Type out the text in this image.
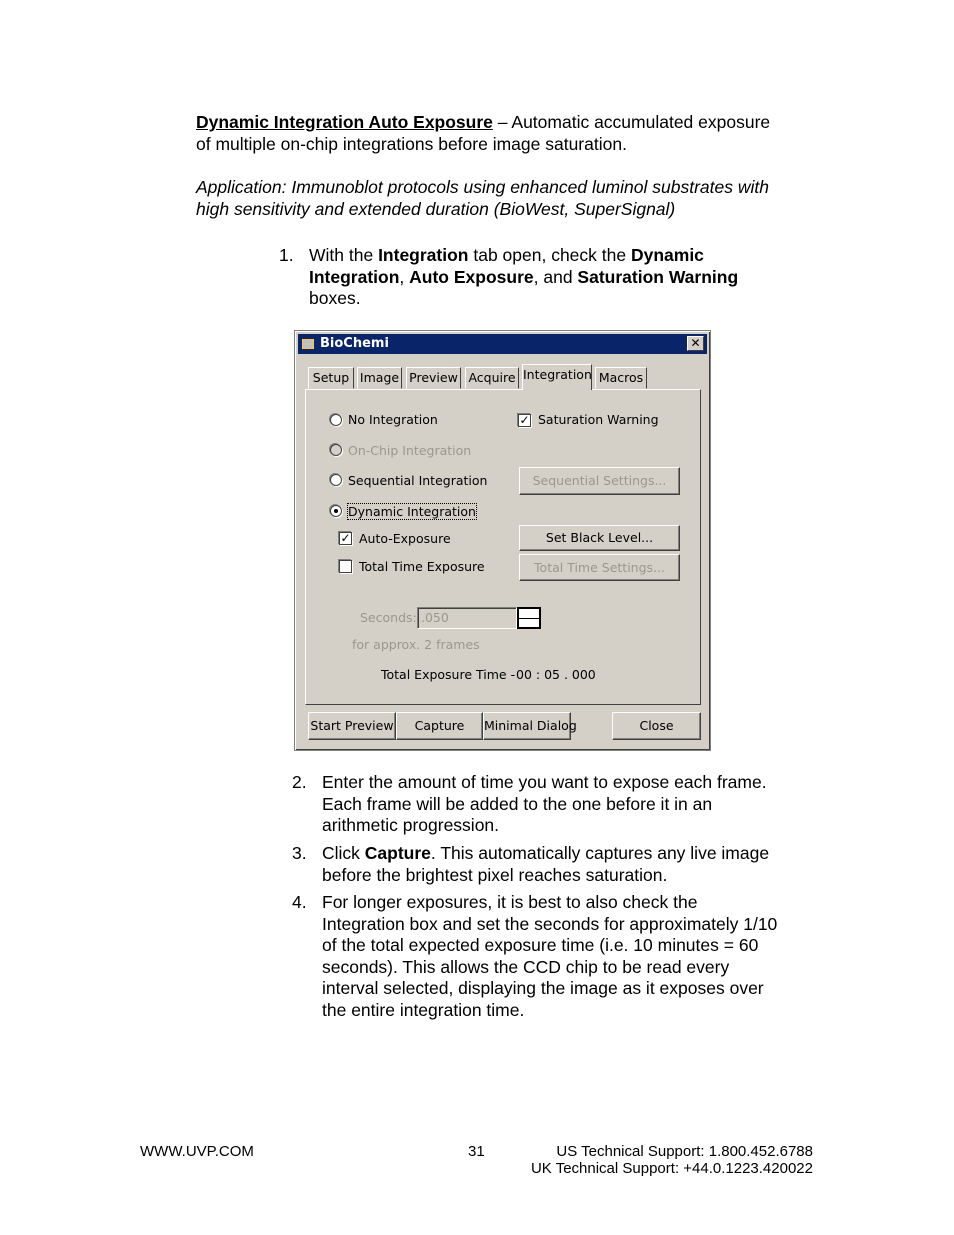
Dynamic Integration Auto Exposure – Automatic accumulated exposure
of multiple on-chip integrations before image saturation.
Application: Immunoblot protocols using enhanced luminol substrates with
high sensitivity and extended duration (BioWest, SuperSignal)
1. With the Integration tab open, check the Dynamic
Integration, Auto Exposure, and Saturation Warning
boxes.
BioChemi	✕
Setup Image Preview Acquire Integration Macros
No Integration
On-Chip Integration
Sequential Integration
Dynamic Integration
✓ Saturation Warning
✓ Auto-Exposure
Total Time Exposure
Sequential Settings...
Set Black Level...
Total Time Settings...
Seconds: .050
for approx. 2 frames
Total Exposure Time - 00 : 05 . 000
Start Preview	Capture	Minimal Dialog	Close
2. Enter the amount of time you want to expose each frame.
Each frame will be added to the one before it in an
arithmetic progression.
3. Click Capture. This automatically captures any live image
before the brightest pixel reaches saturation.
4. For longer exposures, it is best to also check the
Integration box and set the seconds for approximately 1/10
of the total expected exposure time (i.e. 10 minutes = 60
seconds). This allows the CCD chip to be read every
interval selected, displaying the image as it exposes over
the entire integration time.
WWW.UVP.COM	31	US Technical Support: 1.800.452.6788
UK Technical Support: +44.0.1223.420022
